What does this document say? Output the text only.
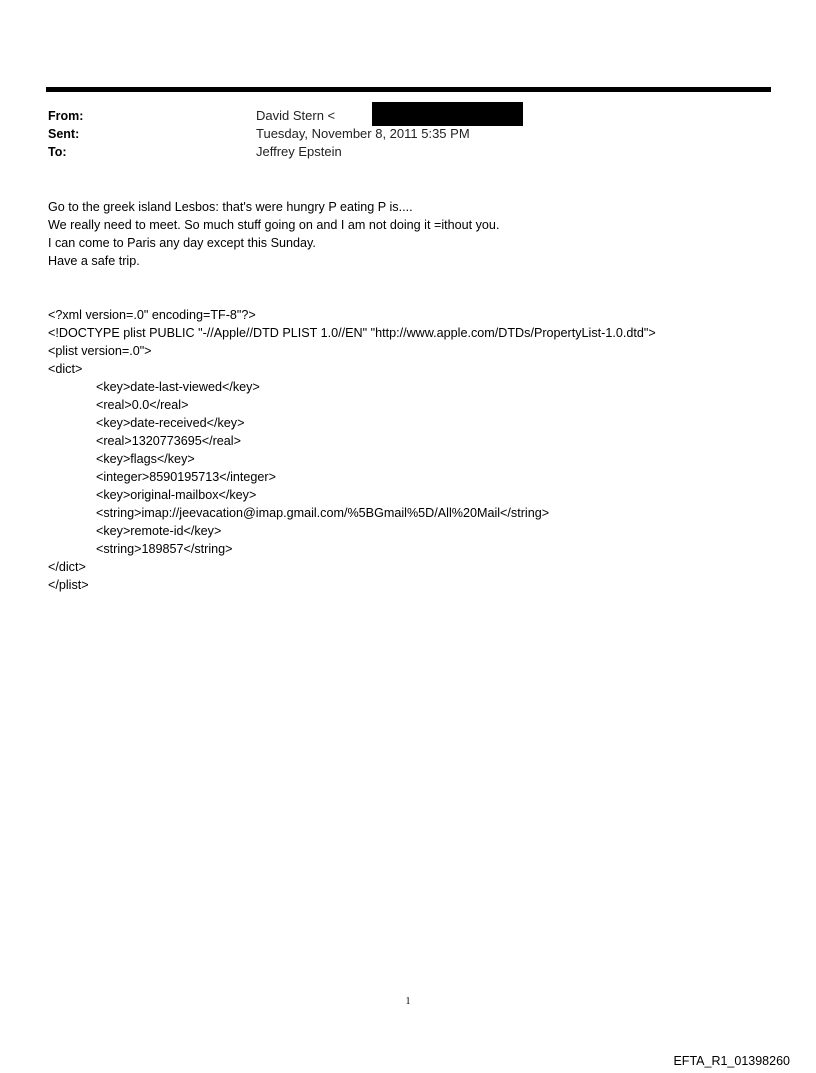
From:	David Stern <
Sent:	Tuesday, November 8, 2011 5:35 PM
To:	Jeffrey Epstein
Go to the greek island Lesbos: that's were hungry P eating P is....
We really need to meet. So much stuff going on and I am not doing it =ithout you.
I can come to Paris any day except this Sunday.
Have a safe trip.
<?xml version=.0" encoding=TF-8"?>
<!DOCTYPE plist PUBLIC "-//Apple//DTD PLIST 1.0//EN" "http://www.apple.com/DTDs/PropertyList-1.0.dtd">
<plist version=.0">
<dict>
<key>date-last-viewed</key>
<real>0.0</real>
<key>date-received</key>
<real>1320773695</real>
<key>flags</key>
<integer>8590195713</integer>
<key>original-mailbox</key>
<string>imap://jeevacation@imap.gmail.com/%5BGmail%5D/All%20Mail</string>
<key>remote-id</key>
<string>189857</string>
</dict>
</plist>
1
EFTA_R1_01398260
